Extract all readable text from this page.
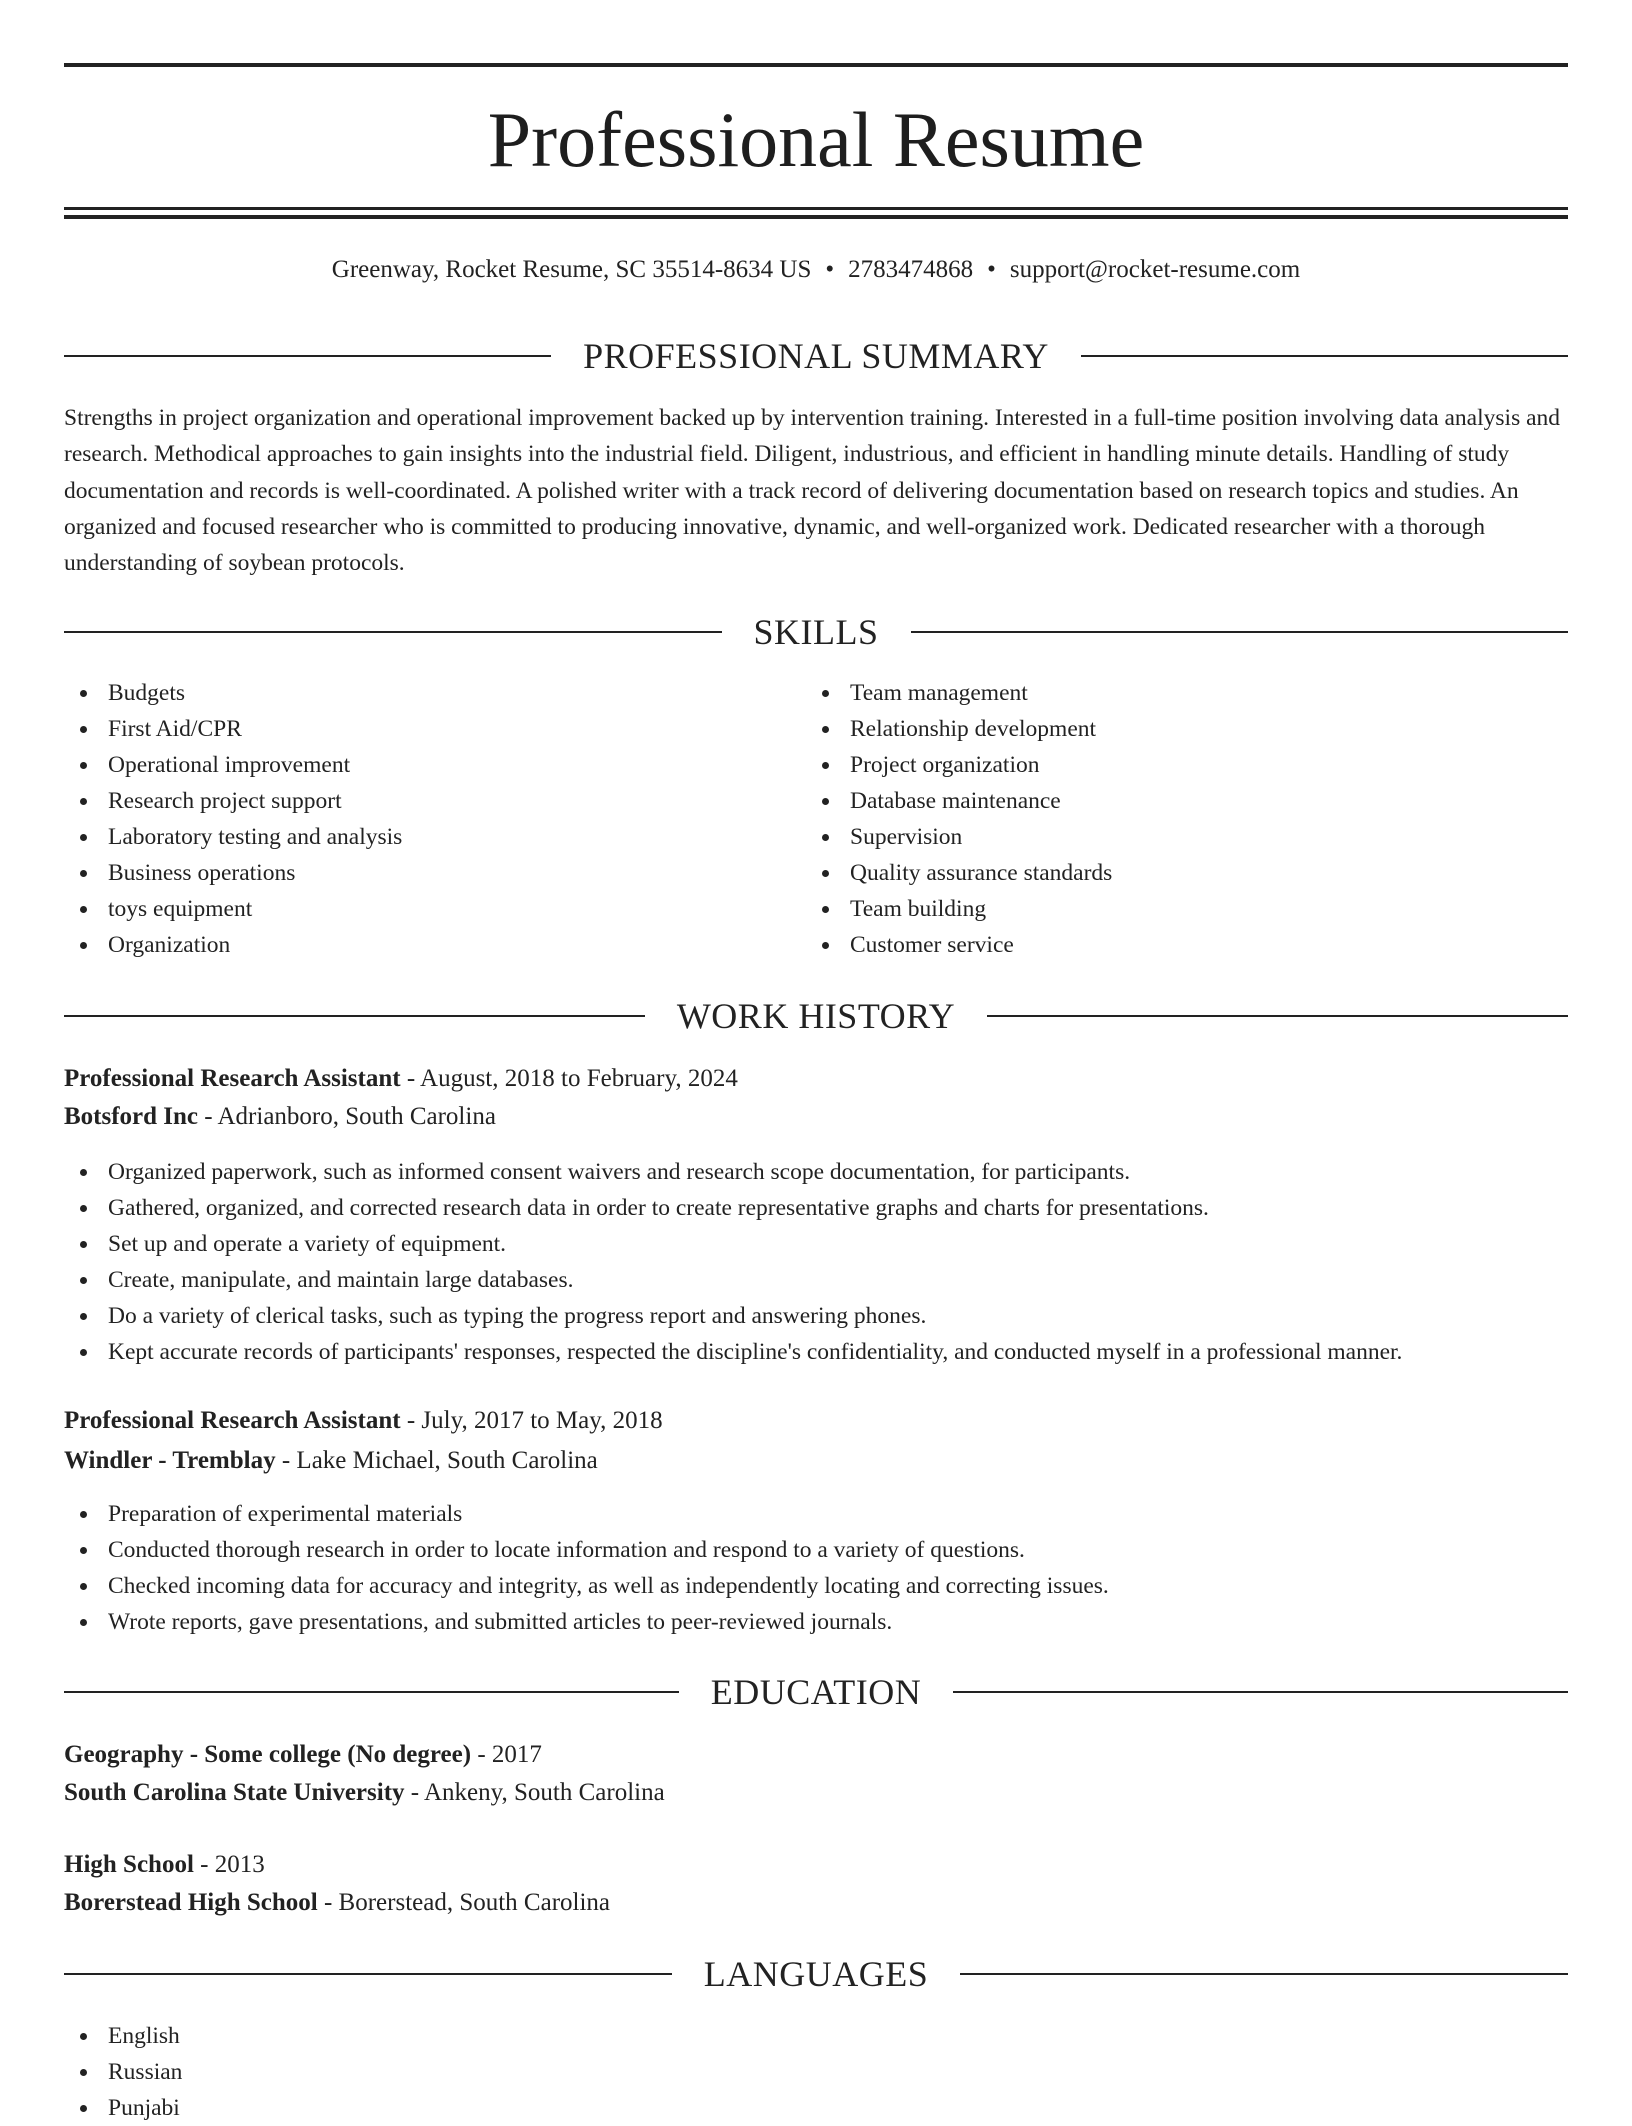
Professional Resume
Greenway, Rocket Resume, SC 35514-8634 US • 2783474868 • support@rocket-resume.com
PROFESSIONAL SUMMARY

Strengths in project organization and operational improvement backed up by intervention training. Interested in a full-time position involving data analysis and research. Methodical approaches to gain insights into the industrial field. Diligent, industrious, and efficient in handling minute details. Handling of study documentation and records is well-coordinated. A polished writer with a track record of delivering documentation based on research topics and studies. An organized and focused researcher who is committed to producing innovative, dynamic, and well-organized work. Dedicated researcher with a thorough understanding of soybean protocols.

SKILLS
Budgets
First Aid/CPR
Operational improvement
Research project support
Laboratory testing and analysis
Business operations
toys equipment
Organization
Team management
Relationship development
Project organization
Database maintenance
Supervision
Quality assurance standards
Team building
Customer service
WORK HISTORY
Professional Research Assistant - August, 2018 to February, 2024
Botsford Inc - Adrianboro, South Carolina
Organized paperwork, such as informed consent waivers and research scope documentation, for participants.
Gathered, organized, and corrected research data in order to create representative graphs and charts for presentations.
Set up and operate a variety of equipment.
Create, manipulate, and maintain large databases.
Do a variety of clerical tasks, such as typing the progress report and answering phones.
Kept accurate records of participants' responses, respected the discipline's confidentiality, and conducted myself in a professional manner.
Professional Research Assistant - July, 2017 to May, 2018
Windler - Tremblay - Lake Michael, South Carolina
Preparation of experimental materials
Conducted thorough research in order to locate information and respond to a variety of questions.
Checked incoming data for accuracy and integrity, as well as independently locating and correcting issues.
Wrote reports, gave presentations, and submitted articles to peer-reviewed journals.
EDUCATION
Geography - Some college (No degree) - 2017
South Carolina State University - Ankeny, South Carolina
High School - 2013
Borerstead High School - Borerstead, South Carolina
LANGUAGES
English
Russian
Punjabi
